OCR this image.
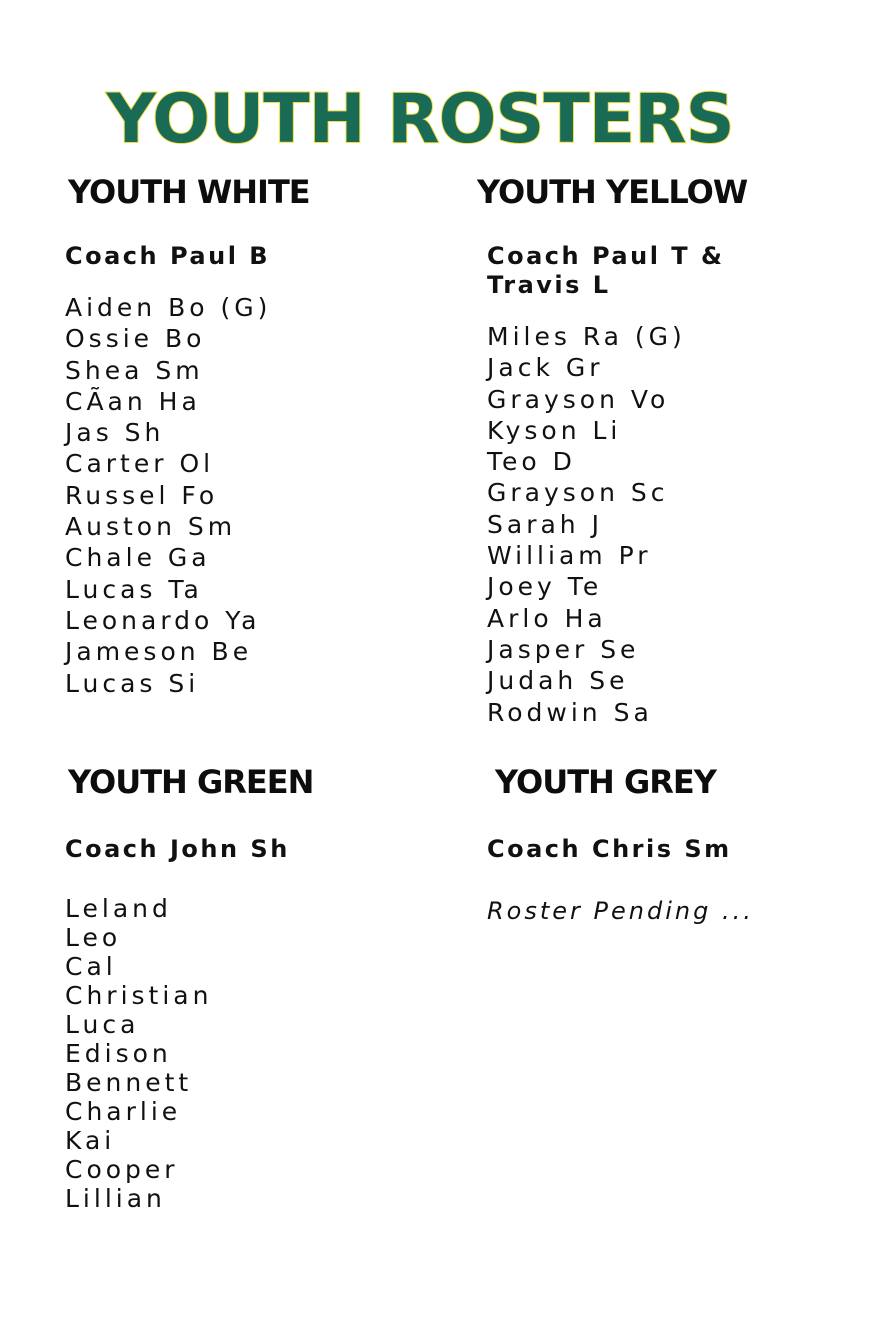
YOUTH ROSTERS
YOUTH WHITE

Coach Paul B

Aiden Bo (G)
Ossie Bo
Shea Sm
CÃan Ha
Jas Sh
Carter Ol
Russel Fo
Auston Sm
Chale Ga
Lucas Ta
Leonardo Ya
Jameson Be
Lucas Si
YOUTH YELLOW

Coach Paul T & Travis L

Miles Ra (G)
Jack Gr
Grayson Vo
Kyson Li
Teo D
Grayson Sc
Sarah J
William Pr
Joey Te
Arlo Ha
Jasper Se
Judah Se
Rodwin Sa
YOUTH GREEN

Coach John Sh

Leland
Leo
Cal
Christian
Luca
Edison
Bennett
Charlie
Kai
Cooper
Lillian
YOUTH GREY

Coach Chris Sm

Roster Pending ...
